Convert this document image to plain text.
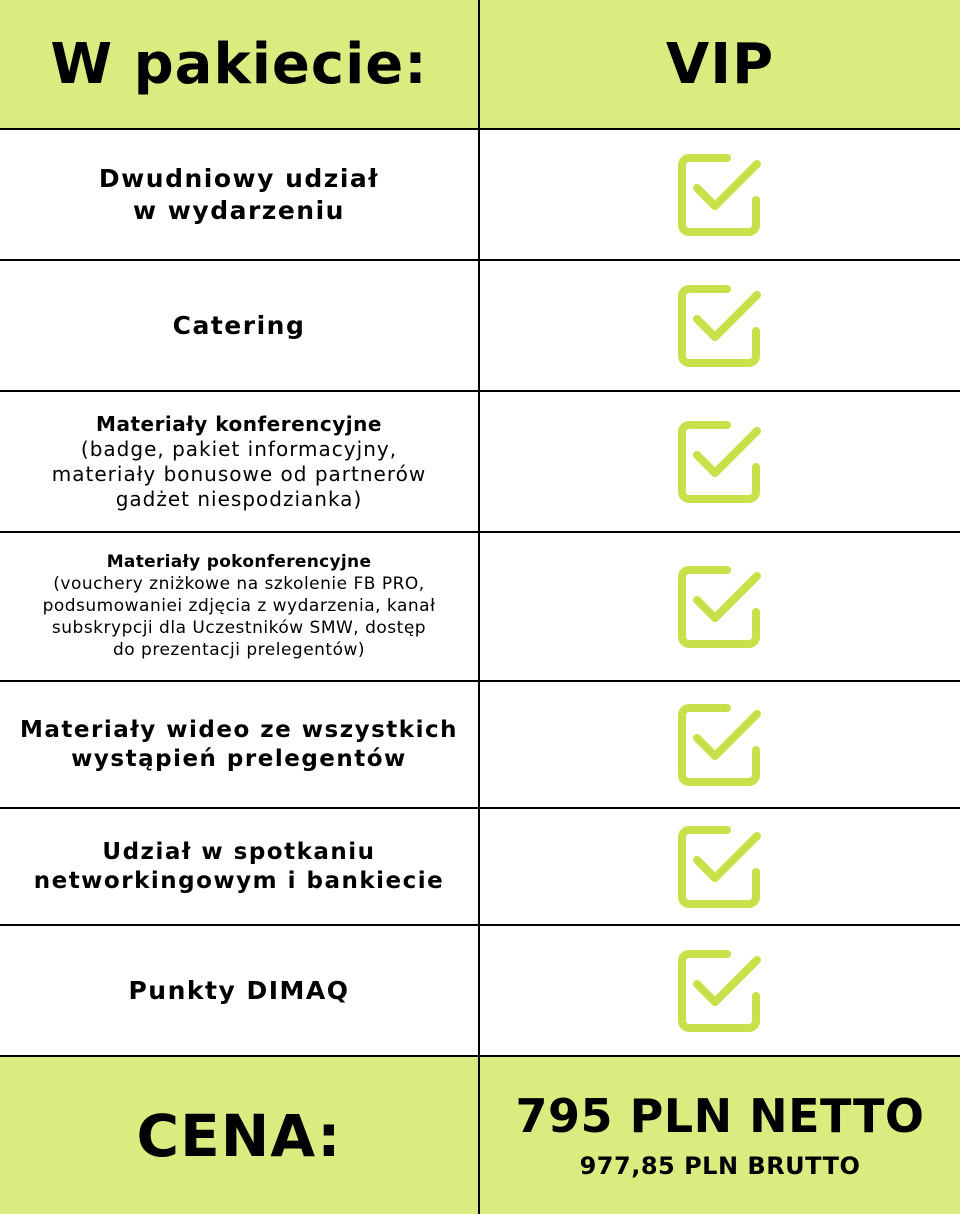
W pakiecie:	VIP
Dwudniowy udział
w wydarzeniu
Catering
Materiały konferencyjne
(badge, pakiet informacyjny,
materiały bonusowe od partnerów
gadżet niespodzianka)
Materiały pokonferencyjne
(vouchery zniżkowe na szkolenie FB PRO,
podsumowaniei zdjęcia z wydarzenia, kanał
subskrypcji dla Uczestników SMW, dostęp
do prezentacji prelegentów)
Materiały wideo ze wszystkich
wystąpień prelegentów
Udział w spotkaniu
networkingowym i bankiecie
Punkty DIMAQ
CENA:	795 PLN NETTO
977,85 PLN BRUTTO
